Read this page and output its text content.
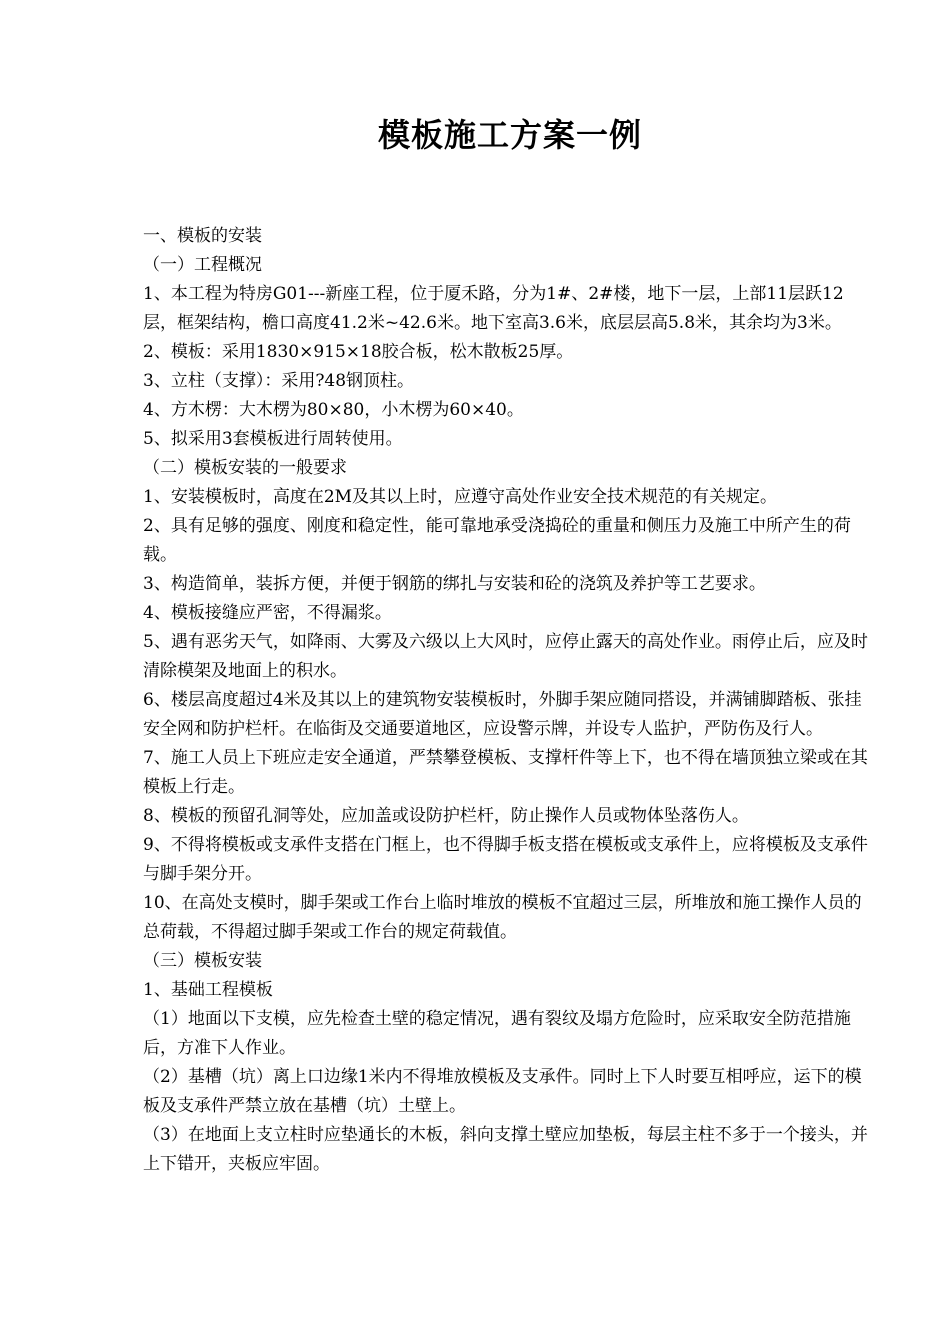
模板施工方案一例

一、模板的安装

（一）工程概况

1、本工程为特房G01---新座工程，位于厦禾路，分为1#、2#楼，地下一层，上部11层跃12层，框架结构，檐口高度41.2米~42.6米。地下室高3.6米，底层层高5.8米，其余均为3米。

2、模板：采用1830×915×18胶合板，松木散板25厚。

3、立柱（支撑）：采用?48钢顶柱。

4、方木楞：大木楞为80×80，小木楞为60×40。

5、拟采用3套模板进行周转使用。

（二）模板安装的一般要求

1、安装模板时，高度在2M及其以上时，应遵守高处作业安全技术规范的有关规定。

2、具有足够的强度、刚度和稳定性，能可靠地承受浇捣砼的重量和侧压力及施工中所产生的荷载。

3、构造简单，装拆方便，并便于钢筋的绑扎与安装和砼的浇筑及养护等工艺要求。

4、模板接缝应严密，不得漏浆。

5、遇有恶劣天气，如降雨、大雾及六级以上大风时，应停止露天的高处作业。雨停止后，应及时清除模架及地面上的积水。

6、楼层高度超过4米及其以上的建筑物安装模板时，外脚手架应随同搭设，并满铺脚踏板、张挂安全网和防护栏杆。在临街及交通要道地区，应设警示牌，并设专人监护，严防伤及行人。

7、施工人员上下班应走安全通道，严禁攀登模板、支撑杆件等上下，也不得在墙顶独立梁或在其模板上行走。

8、模板的预留孔洞等处，应加盖或设防护栏杆，防止操作人员或物体坠落伤人。

9、不得将模板或支承件支搭在门框上，也不得脚手板支搭在模板或支承件上，应将模板及支承件与脚手架分开。

10、在高处支模时，脚手架或工作台上临时堆放的模板不宜超过三层，所堆放和施工操作人员的总荷载，不得超过脚手架或工作台的规定荷载值。

（三）模板安装

1、基础工程模板

（1）地面以下支模，应先检查土壁的稳定情况，遇有裂纹及塌方危险时，应采取安全防范措施后，方准下人作业。

（2）基槽（坑）离上口边缘1米内不得堆放模板及支承件。同时上下人时要互相呼应，运下的模板及支承件严禁立放在基槽（坑）土壁上。

（3）在地面上支立柱时应垫通长的木板，斜向支撑土壁应加垫板，每层主柱不多于一个接头，并上下错开，夹板应牢固。
